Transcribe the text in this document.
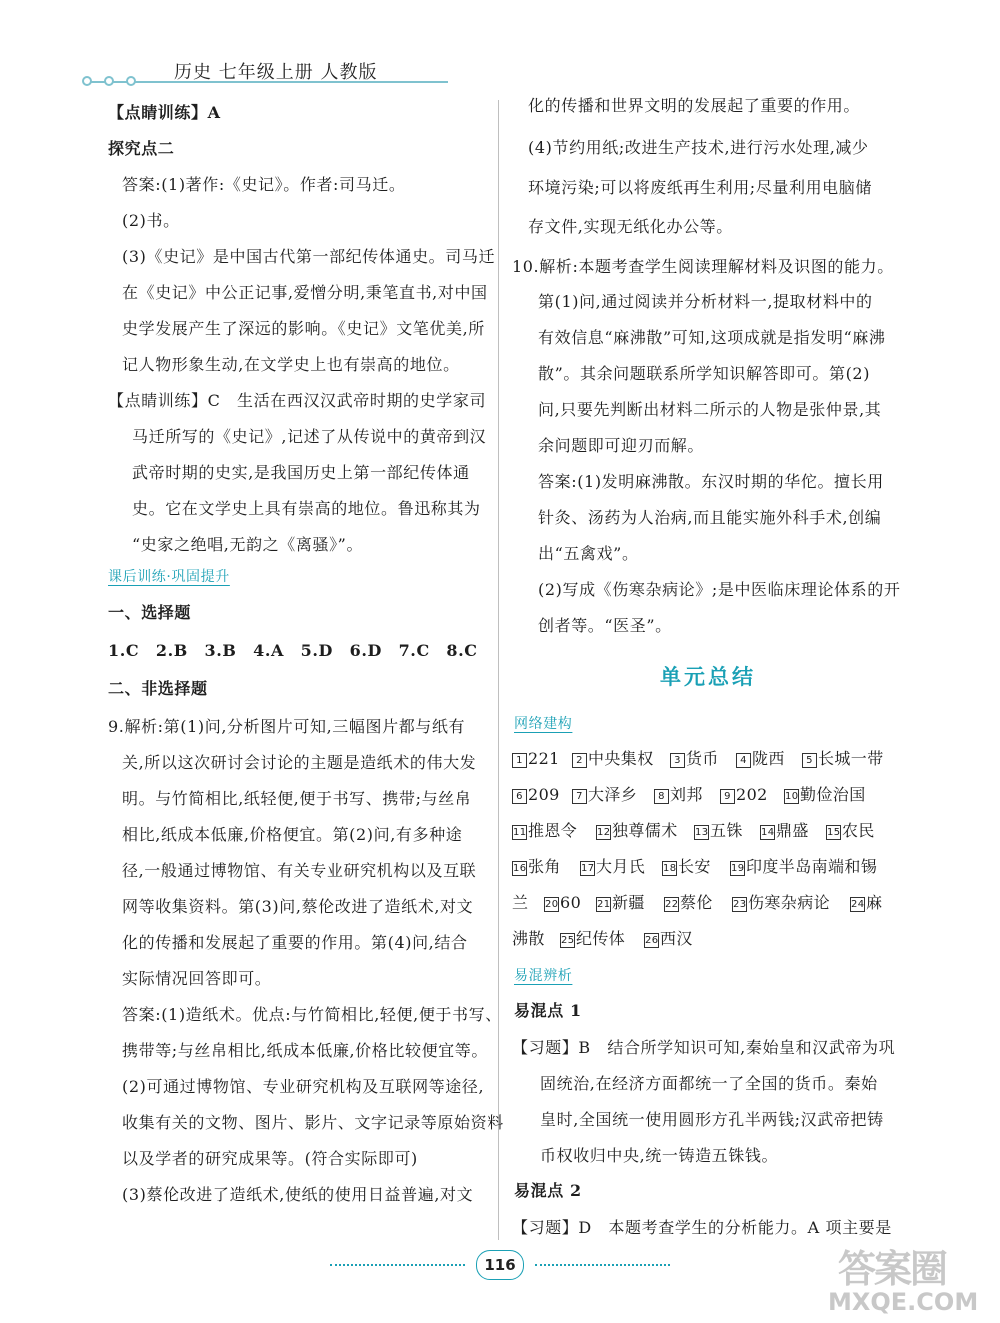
历史 七年级上册 人教版
【点睛训练】A
探究点二
答案:(1)著作:《史记》。作者:司马迁。
(2)书。
(3)《史记》是中国古代第一部纪传体通史。司马迁
在《史记》中公正记事,爱憎分明,秉笔直书,对中国
史学发展产生了深远的影响。《史记》文笔优美,所
记人物形象生动,在文学史上也有崇高的地位。
【点睛训练】C　生活在西汉汉武帝时期的史学家司
马迁所写的《史记》,记述了从传说中的黄帝到汉
武帝时期的史实,是我国历史上第一部纪传体通
史。它在文学史上具有崇高的地位。鲁迅称其为
“史家之绝唱,无韵之《离骚》”。
课后训练·巩固提升
一、选择题
1.C　2.B　3.B　4.A　5.D　6.D　7.C　8.C
二、非选择题
9.解析:第(1)问,分析图片可知,三幅图片都与纸有
关,所以这次研讨会讨论的主题是造纸术的伟大发
明。与竹简相比,纸轻便,便于书写、携带;与丝帛
相比,纸成本低廉,价格便宜。第(2)问,有多种途
径,一般通过博物馆、有关专业研究机构以及互联
网等收集资料。第(3)问,蔡伦改进了造纸术,对文
化的传播和发展起了重要的作用。第(4)问,结合
实际情况回答即可。
答案:(1)造纸术。优点:与竹简相比,轻便,便于书写、
携带等;与丝帛相比,纸成本低廉,价格比较便宜等。
(2)可通过博物馆、专业研究机构及互联网等途径,
收集有关的文物、图片、影片、文字记录等原始资料
以及学者的研究成果等。(符合实际即可)
(3)蔡伦改进了造纸术,使纸的使用日益普遍,对文
化的传播和世界文明的发展起了重要的作用。
(4)节约用纸;改进生产技术,进行污水处理,减少
环境污染;可以将废纸再生利用;尽量利用电脑储
存文件,实现无纸化办公等。
10.解析:本题考查学生阅读理解材料及识图的能力。
第(1)问,通过阅读并分析材料一,提取材料中的
有效信息“麻沸散”可知,这项成就是指发明“麻沸
散”。其余问题联系所学知识解答即可。第(2)
问,只要先判断出材料二所示的人物是张仲景,其
余问题即可迎刃而解。
答案:(1)发明麻沸散。东汉时期的华佗。擅长用
针灸、汤药为人治病,而且能实施外科手术,创编
出“五禽戏”。
(2)写成《伤寒杂病论》;是中医临床理论体系的开
创者等。“医圣”。
网络建构
易混辨析
易混点 1
【习题】B　结合所学知识可知,秦始皇和汉武帝为巩
固统治,在经济方面都统一了全国的货币。秦始
皇时,全国统一使用圆形方孔半两钱;汉武帝把铸
币权收归中央,统一铸造五铢钱。
易混点 2
【习题】D　本题考查学生的分析能力。A 项主要是
单元总结
1 221	2 中央集权	3 货币	4 陇西	5 长城一带
6 209	7 大泽乡	8 刘邦	9 202 10勤俭治国
11推恩令 12独尊儒术 13五铢 14鼎盛 15农民
16张角 17大月氏 18长安 19印度半岛南端和锡
兰 2060 21新疆 22蔡伦 23伤寒杂病论 24麻
沸散 25纪传体 26西汉
116	答案圈
MXQE.COM
